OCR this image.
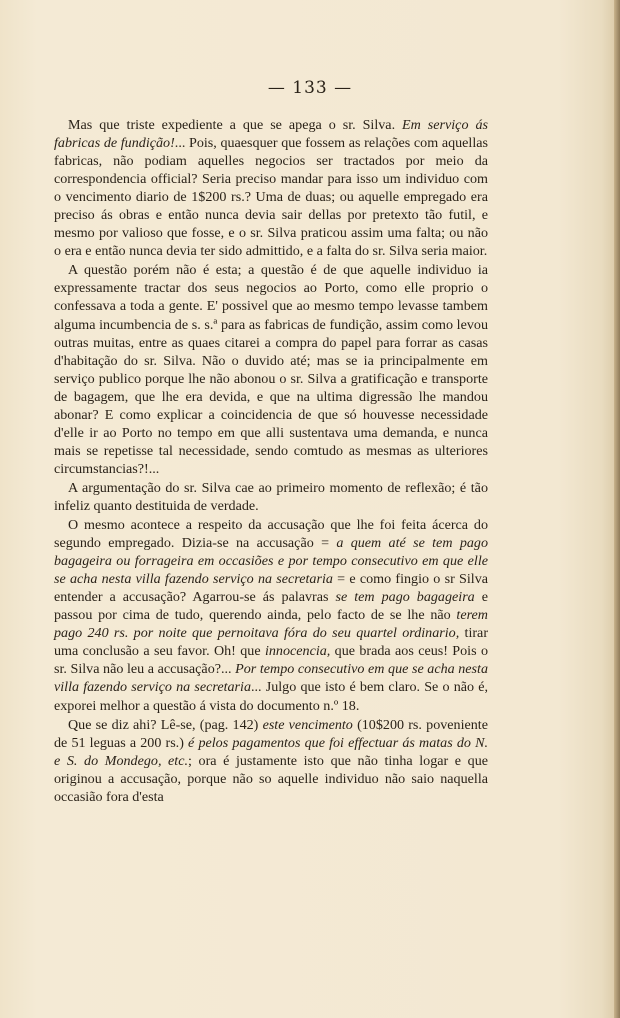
— 133 —

Mas que triste expediente a que se apega o sr. Silva. Em serviço ás fabricas de fundição!... Pois, quaesquer que fossem as relações com aquellas fabricas, não podiam aquelles negocios ser tractados por meio da correspondencia official? Seria preciso mandar para isso um individuo com o vencimento diario de 1$200 rs.? Uma de duas; ou aquelle empregado era preciso ás obras e então nunca devia sair dellas por pretexto tão futil, e mesmo por valioso que fosse, e o sr. Silva praticou assim uma falta; ou não o era e então nunca devia ter sido admittido, e a falta do sr. Silva seria maior.

A questão porém não é esta; a questão é de que aquelle individuo ia expressamente tractar dos seus negocios ao Porto, como elle proprio o confessava a toda a gente. E' possivel que ao mesmo tempo levasse tambem alguma incumbencia de s. s.ª para as fabricas de fundição, assim como levou outras muitas, entre as quaes citarei a compra do papel para forrar as casas d'habitação do sr. Silva. Não o duvido até; mas se ia principalmente em serviço publico porque lhe não abonou o sr. Silva a gratificação e transporte de bagagem, que lhe era devida, e que na ultima digressão lhe mandou abonar? E como explicar a coincidencia de que só houvesse necessidade d'elle ir ao Porto no tempo em que alli sustentava uma demanda, e nunca mais se repetisse tal necessidade, sendo comtudo as mesmas as ulteriores circumstancias?!...

A argumentação do sr. Silva cae ao primeiro momento de reflexão; é tão infeliz quanto destituida de verdade.

O mesmo acontece a respeito da accusação que lhe foi feita ácerca do segundo empregado. Dizia-se na accusação = a quem até se tem pago bagageira ou forrageira em occasiões e por tempo consecutivo em que elle se acha nesta villa fazendo serviço na secretaria = e como fingio o sr Silva entender a accusação? Agarrou-se ás palavras se tem pago bagageira e passou por cima de tudo, querendo ainda, pelo facto de se lhe não terem pago 240 rs. por noite que pernoitava fóra do seu quartel ordinario, tirar uma conclusão a seu favor. Oh! que innocencia, que brada aos ceus! Pois o sr. Silva não leu a accusação?... Por tempo consecutivo em que se acha nesta villa fazendo serviço na secretaria... Julgo que isto é bem claro. Se o não é, exporei melhor a questão á vista do documento n.º 18.

Que se diz ahi? Lê-se, (pag. 142) este vencimento (10$200 rs. poveniente de 51 leguas a 200 rs.) é pelos pagamentos que foi effectuar ás matas do N. e S. do Mondego, etc.; ora é justamente isto que não tinha logar e que originou a accusação, porque não so aquelle individuo não saio naquella occasião fora d'esta
